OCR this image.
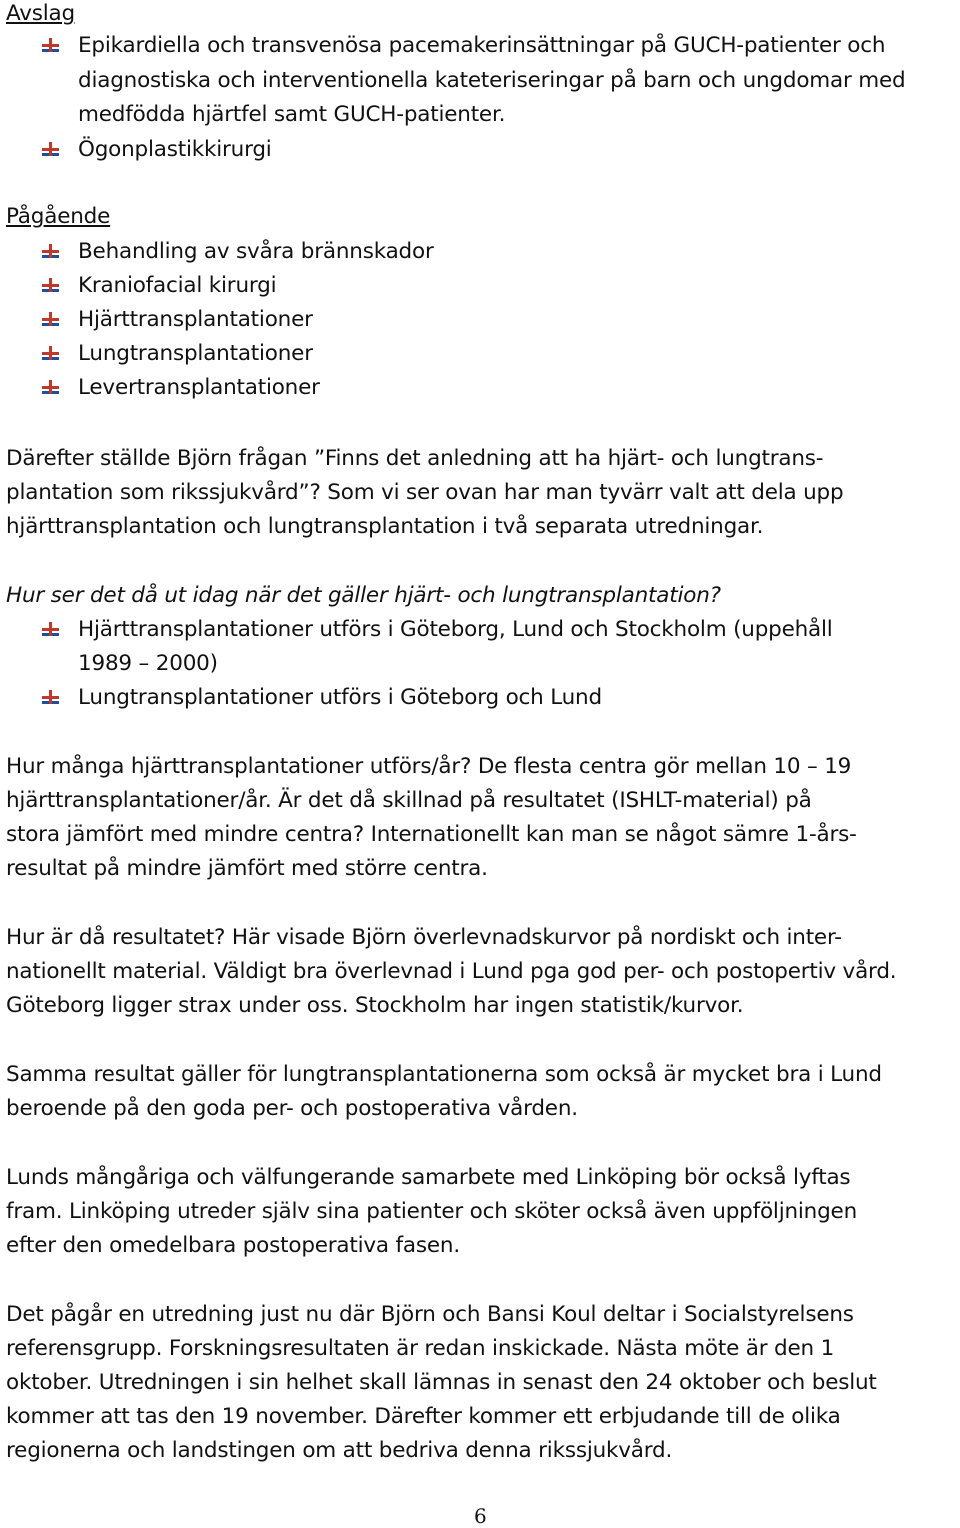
Avslag
Epikardiella och transvenösa pacemakerinsättningar på GUCH-patienter och
diagnostiska och interventionella kateteriseringar på barn och ungdomar med
medfödda hjärtfel samt GUCH-patienter.
Ögonplastikkirurgi
Pågående
Behandling av svåra brännskador
Kraniofacial kirurgi
Hjärttransplantationer
Lungtransplantationer
Levertransplantationer
Därefter ställde Björn frågan ”Finns det anledning att ha hjärt- och lungtrans-
plantation som rikssjukvård”? Som vi ser ovan har man tyvärr valt att dela upp
hjärttransplantation och lungtransplantation i två separata utredningar.
Hur ser det då ut idag när det gäller hjärt- och lungtransplantation?
Hjärttransplantationer utförs i Göteborg, Lund och Stockholm (uppehåll
1989 – 2000)
Lungtransplantationer utförs i Göteborg och Lund
Hur många hjärttransplantationer utförs/år? De flesta centra gör mellan 10 – 19
hjärttransplantationer/år. Är det då skillnad på resultatet (ISHLT-material) på
stora jämfört med mindre centra? Internationellt kan man se något sämre 1-års-
resultat på mindre jämfört med större centra.
Hur är då resultatet? Här visade Björn överlevnadskurvor på nordiskt och inter-
nationellt material. Väldigt bra överlevnad i Lund pga god per- och postopertiv vård.
Göteborg ligger strax under oss. Stockholm har ingen statistik/kurvor.
Samma resultat gäller för lungtransplantationerna som också är mycket bra i Lund
beroende på den goda per- och postoperativa vården.
Lunds mångåriga och välfungerande samarbete med Linköping bör också lyftas
fram. Linköping utreder själv sina patienter och sköter också även uppföljningen
efter den omedelbara postoperativa fasen.
Det pågår en utredning just nu där Björn och Bansi Koul deltar i Socialstyrelsens
referensgrupp. Forskningsresultaten är redan inskickade. Nästa möte är den 1
oktober. Utredningen i sin helhet skall lämnas in senast den 24 oktober och beslut
kommer att tas den 19 november. Därefter kommer ett erbjudande till de olika
regionerna och landstingen om att bedriva denna rikssjukvård.
6
